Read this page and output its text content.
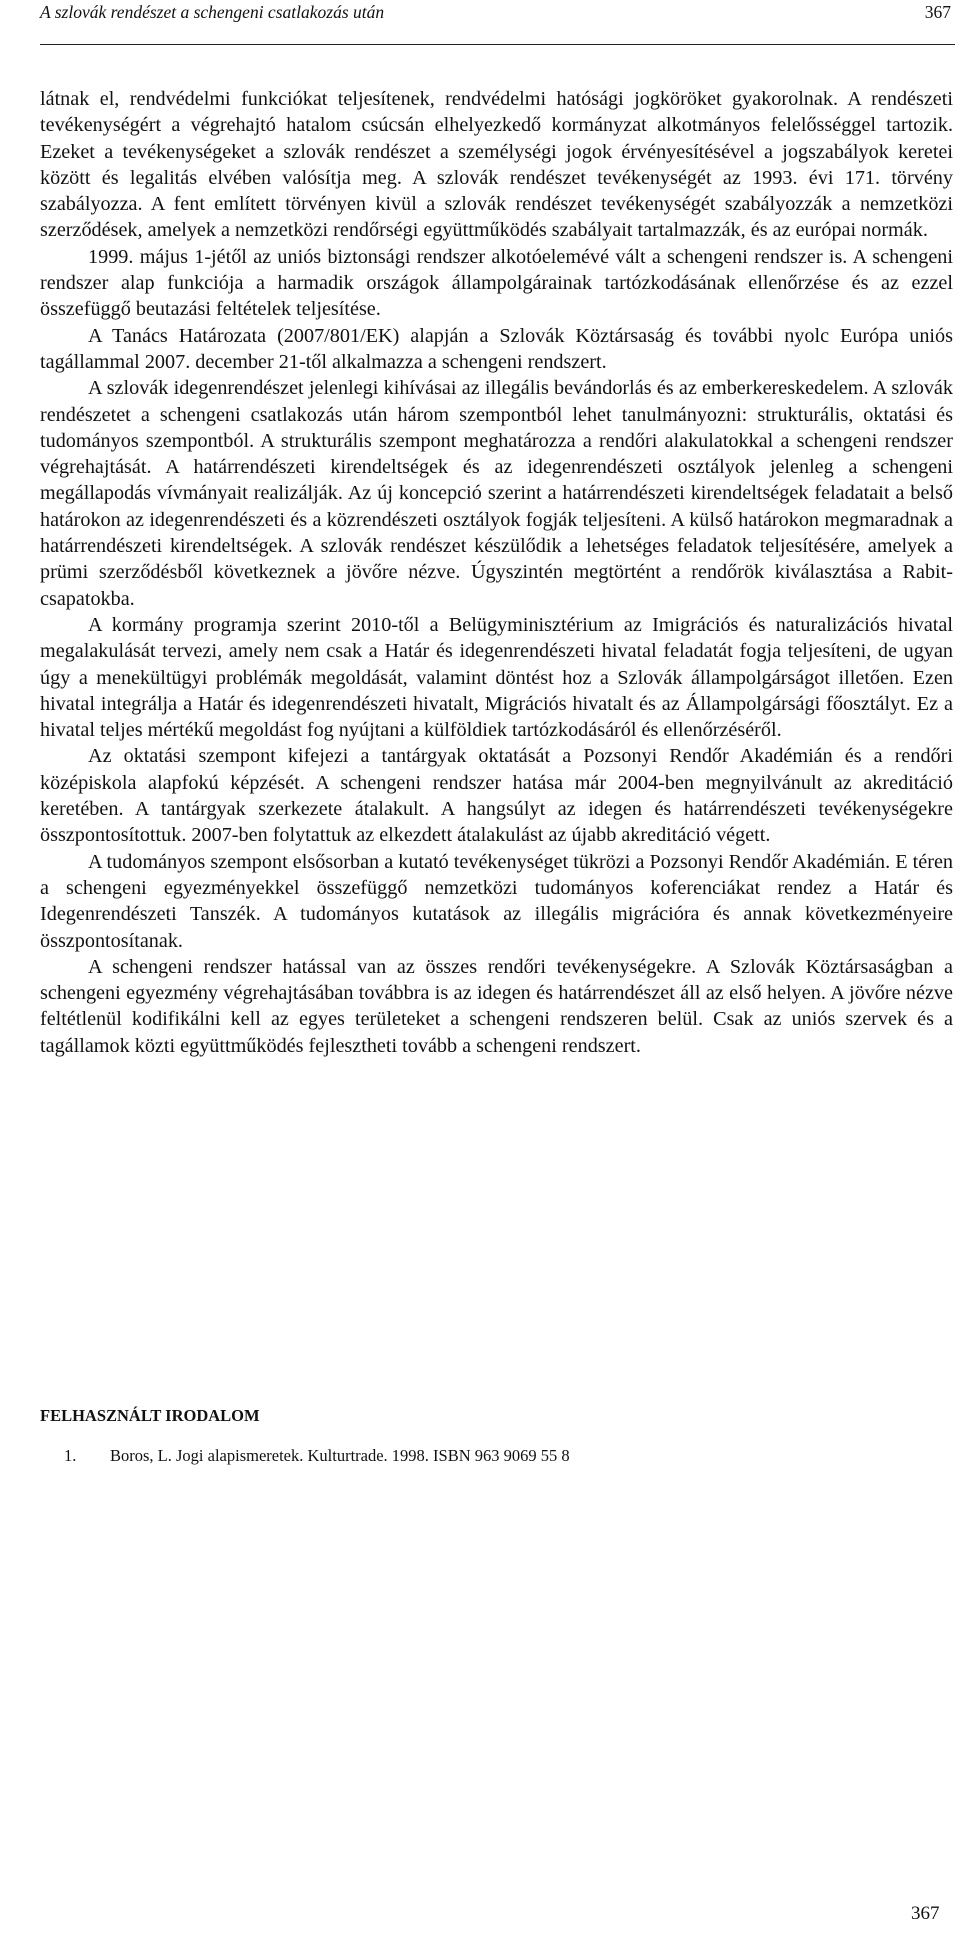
A szlovák rendészet a schengeni csatlakozás után	367

látnak el, rendvédelmi funkciókat teljesítenek, rendvédelmi hatósági jogköröket gyakorolnak. A rendészeti tevékenységért a végrehajtó hatalom csúcsán elhelyezkedő kormányzat alkotmányos felelősséggel tartozik. Ezeket a tevékenységeket a szlovák rendészet a személységi jogok érvényesítésével a jogszabályok keretei között és legalitás elvében valósítja meg. A szlovák rendészet tevékenységét az 1993. évi 171. törvény szabályozza. A fent említett törvényen kivül a szlovák rendészet tevékenységét szabályozzák a nemzetközi szerződések, amelyek a nemzetközi rendőrségi együttműködés szabályait tartalmazzák, és az európai normák.

1999. május 1-jétől az uniós biztonsági rendszer alkotóelemévé vált a schengeni rendszer is. A schengeni rendszer alap funkciója a harmadik országok állampolgárainak tartózkodásának ellenőrzése és az ezzel összefüggő beutazási feltételek teljesítése.

A Tanács Határozata (2007/801/EK) alapján a Szlovák Köztársaság és további nyolc Európa uniós tagállammal 2007. december 21-től alkalmazza a schengeni rendszert.

A szlovák idegenrendészet jelenlegi kihívásai az illegális bevándorlás és az emberkereskedelem. A szlovák rendészetet a schengeni csatlakozás után három szempontból lehet tanulmányozni: strukturális, oktatási és tudományos szempontból. A strukturális szempont meghatározza a rendőri alakulatokkal a schengeni rendszer végrehajtását. A határrendészeti kirendeltségek és az idegenrendészeti osztályok jelenleg a schengeni megállapodás vívmányait realizálják. Az új koncepció szerint a határrendészeti kirendeltségek feladatait a belső határokon az idegenrendészeti és a közrendészeti osztályok fogják teljesíteni. A külső határokon megmaradnak a határrendészeti kirendeltségek. A szlovák rendészet készülődik a lehetséges feladatok teljesítésére, amelyek a prümi szerződésből következnek a jövőre nézve. Úgyszintén megtörtént a rendőrök kiválasztása a Rabit-csapatokba.

A kormány programja szerint 2010-től a Belügyminisztérium az Imigrációs és naturalizációs hivatal megalakulását tervezi, amely nem csak a Határ és idegenrendészeti hivatal feladatát fogja teljesíteni, de ugyan úgy a menekültügyi problémák megoldását, valamint döntést hoz a Szlovák állampolgárságot illetően. Ezen hivatal integrálja a Határ és idegenrendészeti hivatalt, Migrációs hivatalt és az Állampolgársági főosztályt. Ez a hivatal teljes mértékű megoldást fog nyújtani a külföldiek tartózkodásáról és ellenőrzéséről.

Az oktatási szempont kifejezi a tantárgyak oktatását a Pozsonyi Rendőr Akadémián és a rendőri középiskola alapfokú képzését. A schengeni rendszer hatása már 2004-ben megnyilvánult az akreditáció keretében. A tantárgyak szerkezete átalakult. A hangsúlyt az idegen és határrendészeti tevékenységekre összpontosítottuk. 2007-ben folytattuk az elkezdett átalakulást az újabb akreditáció végett.

A tudományos szempont elsősorban a kutató tevékenységet tükrözi a Pozsonyi Rendőr Akadémián. E téren a schengeni egyezményekkel összefüggő nemzetközi tudományos koferenciákat rendez a Határ és Idegenrendészeti Tanszék. A tudományos kutatások az illegális migrációra és annak következményeire összpontosítanak.

A schengeni rendszer hatással van az összes rendőri tevékenységekre. A Szlovák Köztársaságban a schengeni egyezmény végrehajtásában továbbra is az idegen és határrendészet áll az első helyen. A jövőre nézve feltétlenül kodifikálni kell az egyes területeket a schengeni rendszeren belül. Csak az uniós szervek és a tagállamok közti együttműködés fejlesztheti tovább a schengeni rendszert.

FELHASZNÁLT IRODALOM
1. Boros, L. Jogi alapismeretek. Kulturtrade. 1998. ISBN 963 9069 55 8
367
